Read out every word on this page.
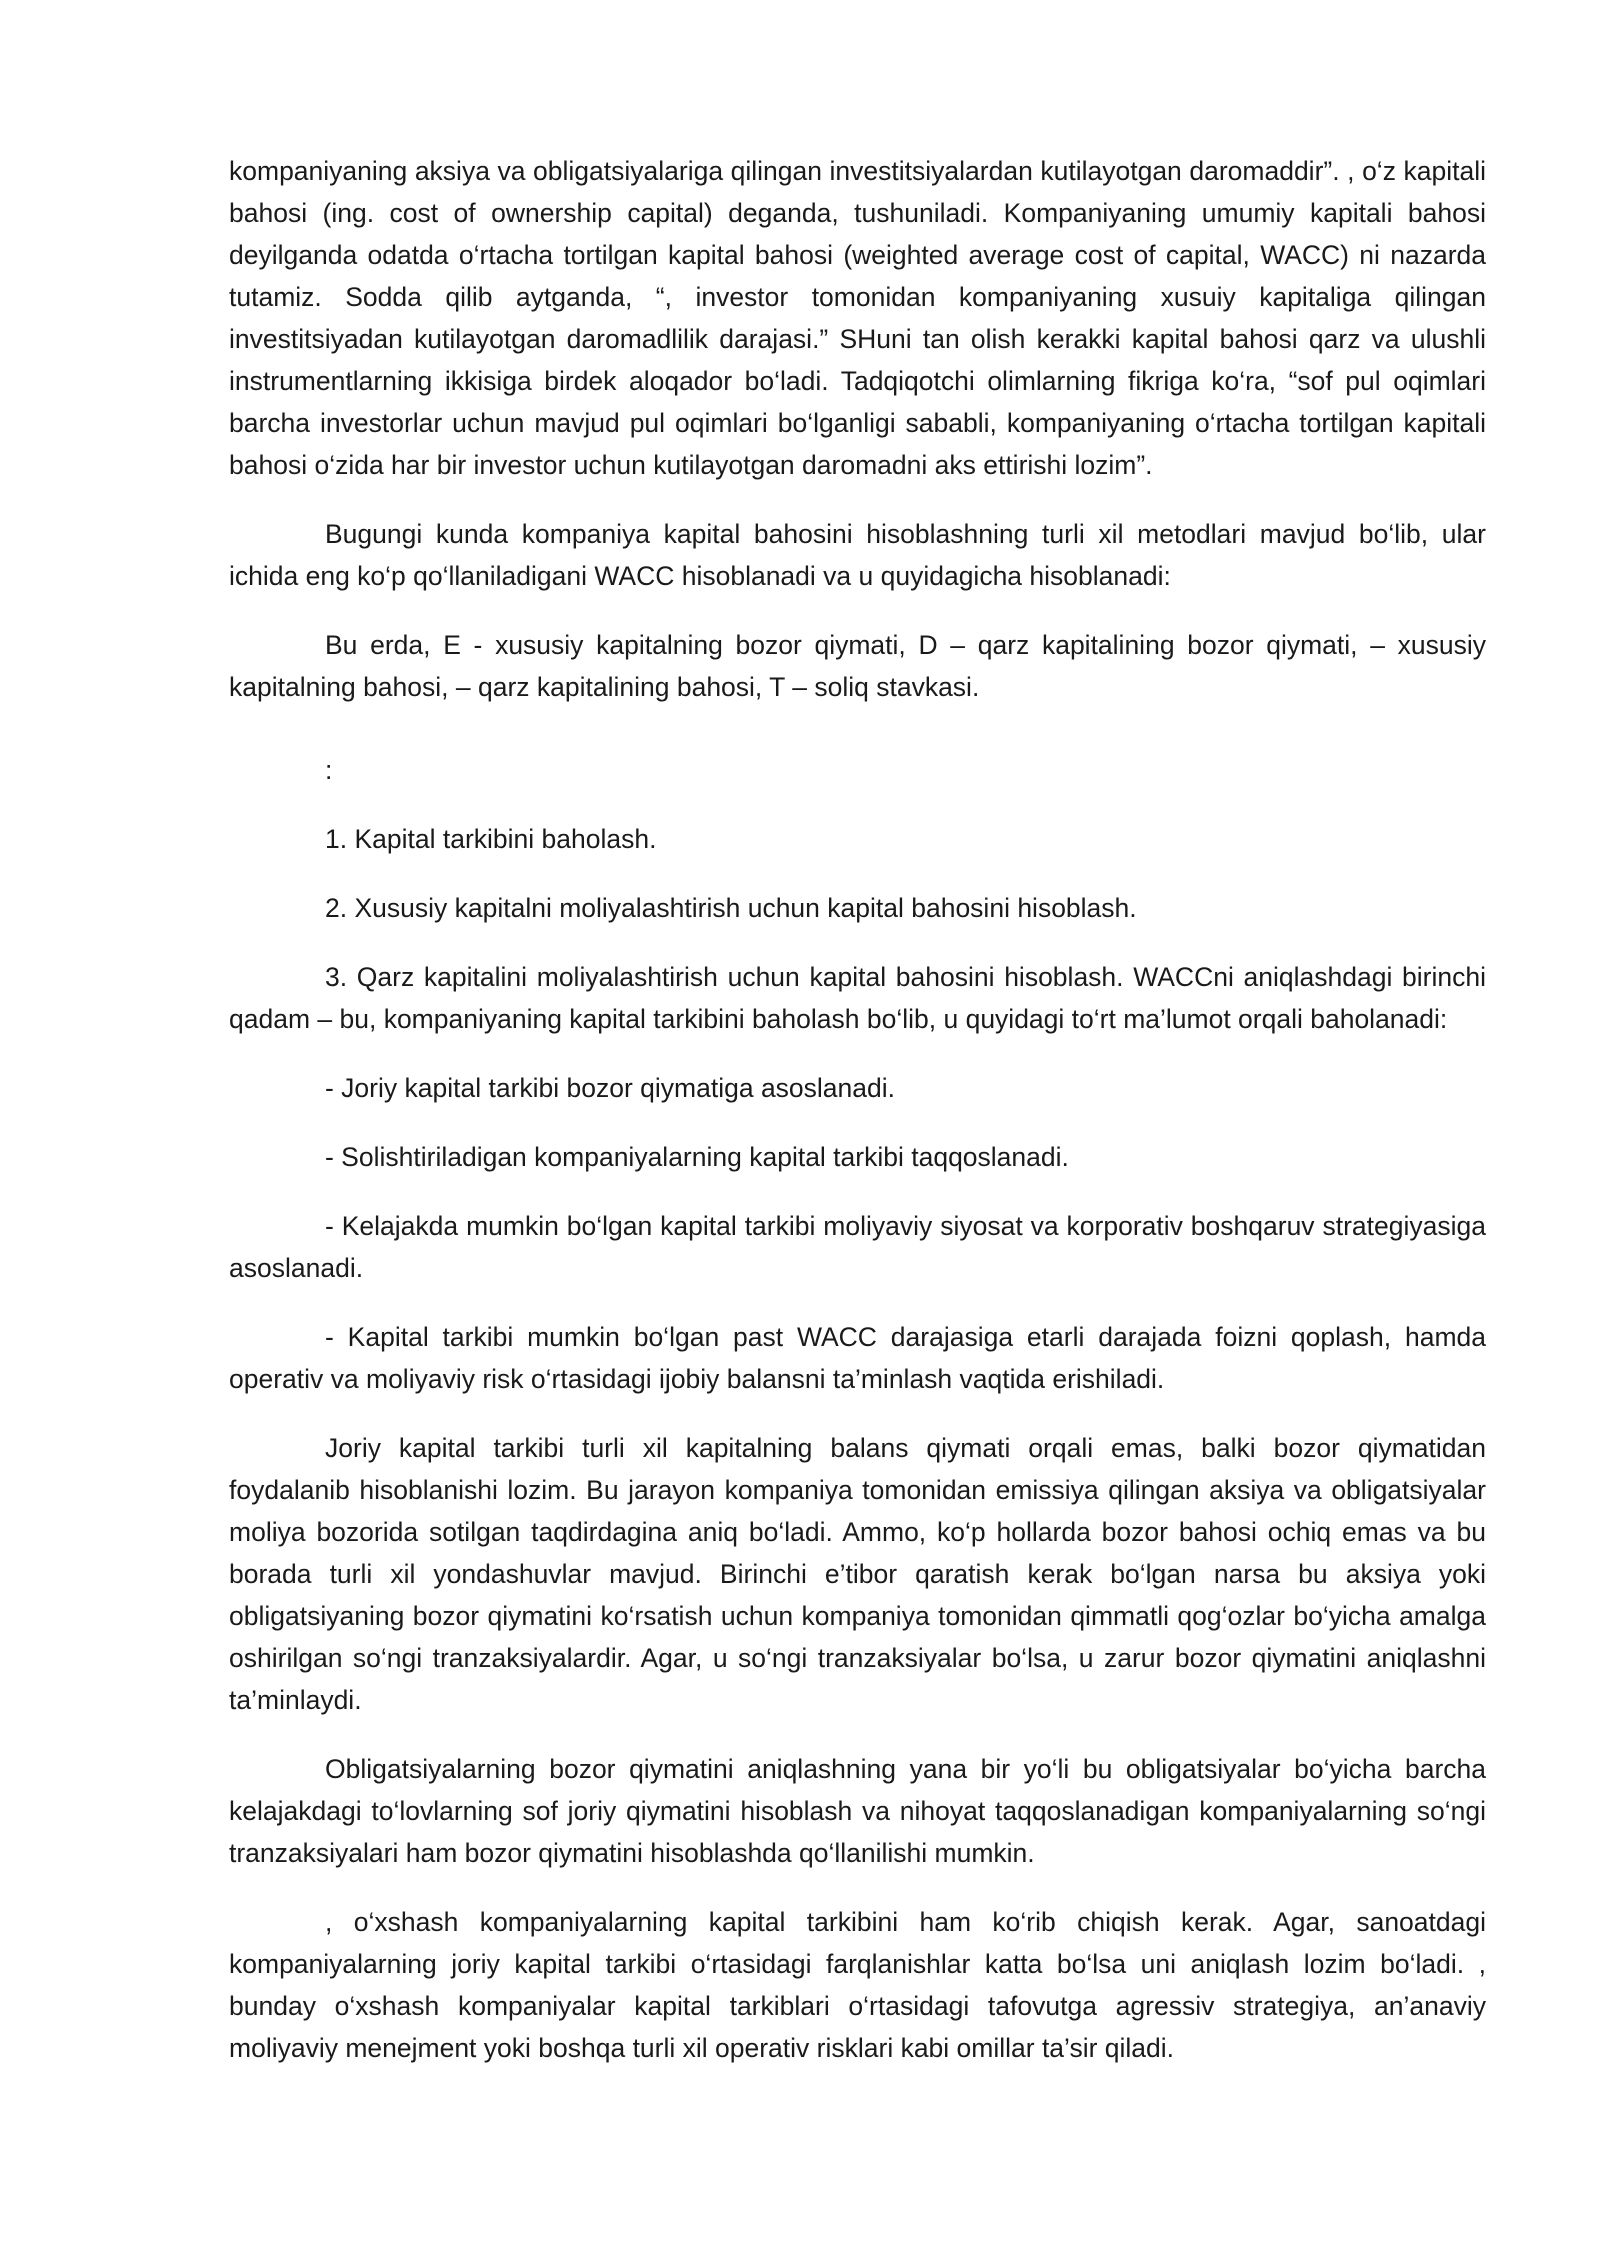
kompaniyaning aksiya va obligatsiyalariga qilingan investitsiyalardan kutilayotgan daromaddir”. , o‘z kapitali bahosi (ing. cost of ownership capital) deganda, tushuniladi. Kompaniyaning umumiy kapitali bahosi deyilganda odatda o‘rtacha tortilgan kapital bahosi (weighted average cost of capital, WACC) ni nazarda tutamiz. Sodda qilib aytganda, “, investor tomonidan kompaniyaning xusuiy kapitaliga qilingan investitsiyadan kutilayotgan daromadlilik darajasi.” SHuni tan olish kerakki kapital bahosi qarz va ulushli instrumentlarning ikkisiga birdek aloqador bo‘ladi. Tadqiqotchi olimlarning fikriga ko‘ra, “sof pul oqimlari barcha investorlar uchun mavjud pul oqimlari bo‘lganligi sababli, kompaniyaning o‘rtacha tortilgan kapitali bahosi o‘zida har bir investor uchun kutilayotgan daromadni aks ettirishi lozim”.

Bugungi kunda kompaniya kapital bahosini hisoblashning turli xil metodlari mavjud bo‘lib, ular ichida eng ko‘p qo‘llaniladigani WACC hisoblanadi va u quyidagicha hisoblanadi:

Bu erda, E - xususiy kapitalning bozor qiymati, D – qarz kapitalining bozor qiymati, – xususiy kapitalning bahosi, – qarz kapitalining bahosi, T – soliq stavkasi.

:

1. Kapital tarkibini baholash.

2. Xususiy kapitalni moliyalashtirish uchun kapital bahosini hisoblash.

3. Qarz kapitalini moliyalashtirish uchun kapital bahosini hisoblash. WACCni aniqlashdagi birinchi qadam – bu, kompaniyaning kapital tarkibini baholash bo‘lib, u quyidagi to‘rt ma’lumot orqali baholanadi:

- Joriy kapital tarkibi bozor qiymatiga asoslanadi.

- Solishtiriladigan kompaniyalarning kapital tarkibi taqqoslanadi.

- Kelajakda mumkin bo‘lgan kapital tarkibi moliyaviy siyosat va korporativ boshqaruv strategiyasiga asoslanadi.

- Kapital tarkibi mumkin bo‘lgan past WACC darajasiga etarli darajada foizni qoplash, hamda operativ va moliyaviy risk o‘rtasidagi ijobiy balansni ta’minlash vaqtida erishiladi.

Joriy kapital tarkibi turli xil kapitalning balans qiymati orqali emas, balki bozor qiymatidan foydalanib hisoblanishi lozim. Bu jarayon kompaniya tomonidan emissiya qilingan aksiya va obligatsiyalar moliya bozorida sotilgan taqdirdagina aniq bo‘ladi. Ammo, ko‘p hollarda bozor bahosi ochiq emas va bu borada turli xil yondashuvlar mavjud. Birinchi e’tibor qaratish kerak bo‘lgan narsa bu aksiya yoki obligatsiyaning bozor qiymatini ko‘rsatish uchun kompaniya tomonidan qimmatli qog‘ozlar bo‘yicha amalga oshirilgan so‘ngi tranzaksiyalardir. Agar, u so‘ngi tranzaksiyalar bo‘lsa, u zarur bozor qiymatini aniqlashni ta’minlaydi.

Obligatsiyalarning bozor qiymatini aniqlashning yana bir yo‘li bu obligatsiyalar bo‘yicha barcha kelajakdagi to‘lovlarning sof joriy qiymatini hisoblash va nihoyat taqqoslanadigan kompaniyalarning so‘ngi tranzaksiyalari ham bozor qiymatini hisoblashda qo‘llanilishi mumkin.

, o‘xshash kompaniyalarning kapital tarkibini ham ko‘rib chiqish kerak. Agar, sanoatdagi kompaniyalarning joriy kapital tarkibi o‘rtasidagi farqlanishlar katta bo‘lsa uni aniqlash lozim bo‘ladi. , bunday o‘xshash kompaniyalar kapital tarkiblari o‘rtasidagi tafovutga agressiv strategiya, an’anaviy moliyaviy menejment yoki boshqa turli xil operativ risklari kabi omillar ta’sir qiladi.
